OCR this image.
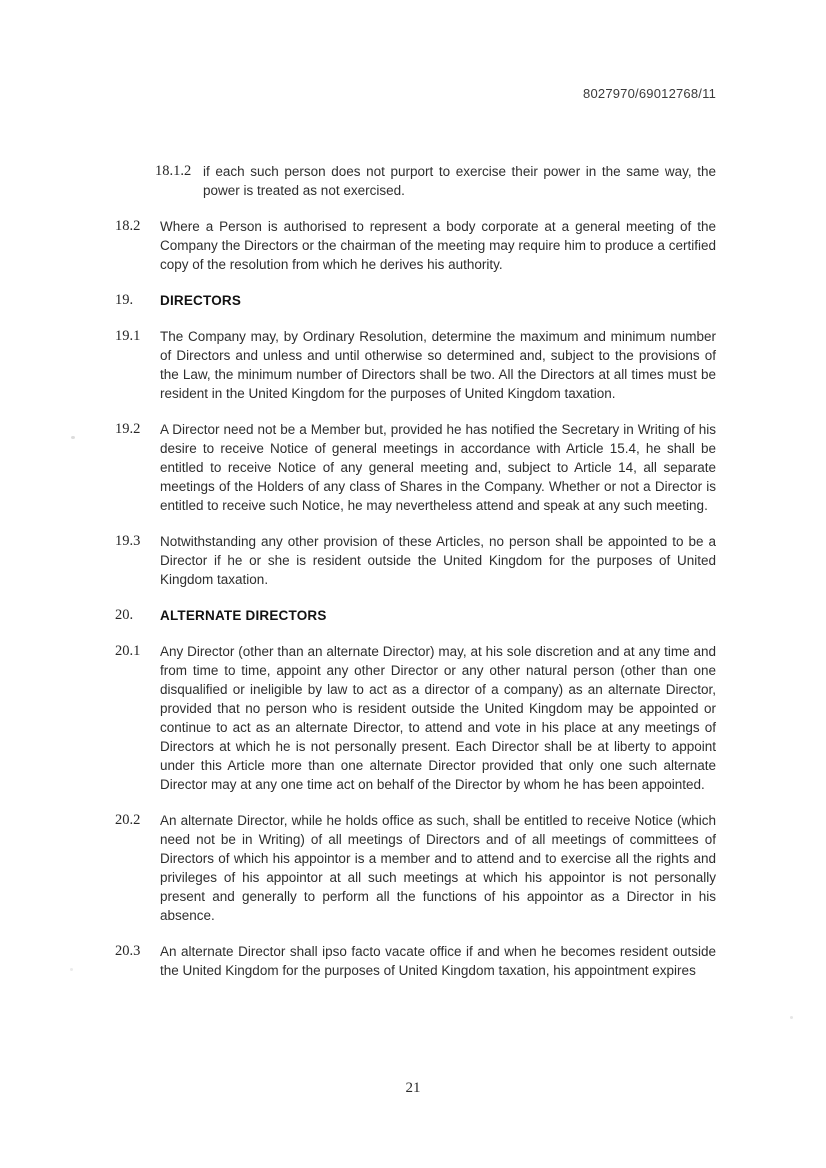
8027970/69012768/11
18.1.2 if each such person does not purport to exercise their power in the same way, the power is treated as not exercised.
18.2	Where a Person is authorised to represent a body corporate at a general meeting of the Company the Directors or the chairman of the meeting may require him to produce a certified copy of the resolution from which he derives his authority.
19.	DIRECTORS
19.1	The Company may, by Ordinary Resolution, determine the maximum and minimum number of Directors and unless and until otherwise so determined and, subject to the provisions of the Law, the minimum number of Directors shall be two. All the Directors at all times must be resident in the United Kingdom for the purposes of United Kingdom taxation.
19.2	A Director need not be a Member but, provided he has notified the Secretary in Writing of his desire to receive Notice of general meetings in accordance with Article 15.4, he shall be entitled to receive Notice of any general meeting and, subject to Article 14, all separate meetings of the Holders of any class of Shares in the Company. Whether or not a Director is entitled to receive such Notice, he may nevertheless attend and speak at any such meeting.
19.3	Notwithstanding any other provision of these Articles, no person shall be appointed to be a Director if he or she is resident outside the United Kingdom for the purposes of United Kingdom taxation.
20.	ALTERNATE DIRECTORS
20.1	Any Director (other than an alternate Director) may, at his sole discretion and at any time and from time to time, appoint any other Director or any other natural person (other than one disqualified or ineligible by law to act as a director of a company) as an alternate Director, provided that no person who is resident outside the United Kingdom may be appointed or continue to act as an alternate Director, to attend and vote in his place at any meetings of Directors at which he is not personally present. Each Director shall be at liberty to appoint under this Article more than one alternate Director provided that only one such alternate Director may at any one time act on behalf of the Director by whom he has been appointed.
20.2	An alternate Director, while he holds office as such, shall be entitled to receive Notice (which need not be in Writing) of all meetings of Directors and of all meetings of committees of Directors of which his appointor is a member and to attend and to exercise all the rights and privileges of his appointor at all such meetings at which his appointor is not personally present and generally to perform all the functions of his appointor as a Director in his absence.
20.3	An alternate Director shall ipso facto vacate office if and when he becomes resident outside the United Kingdom for the purposes of United Kingdom taxation, his appointment expires
21
